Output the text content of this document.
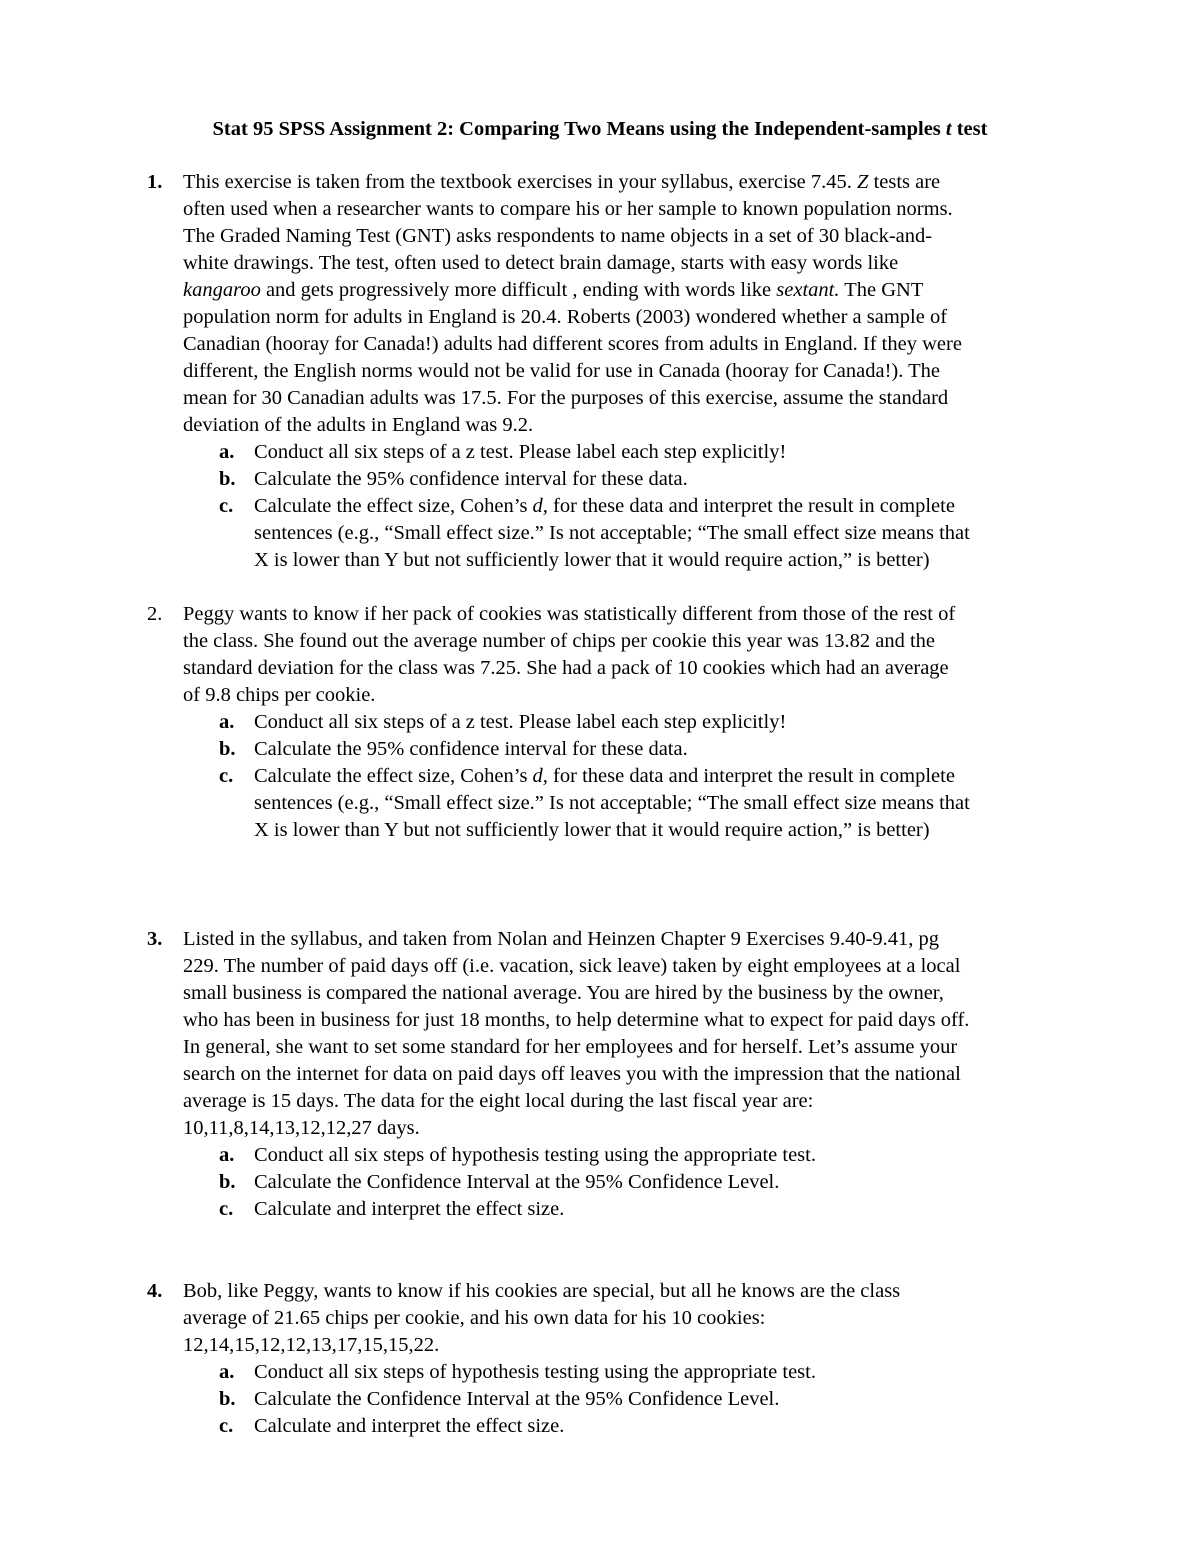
Stat 95 SPSS Assignment 2: Comparing Two Means using the Independent-samples t test
1. This exercise is taken from the textbook exercises in your syllabus, exercise 7.45. Z tests are
often used when a researcher wants to compare his or her sample to known population norms.
The Graded Naming Test (GNT) asks respondents to name objects in a set of 30 black-and-
white drawings. The test, often used to detect brain damage, starts with easy words like
kangaroo and gets progressively more difficult , ending with words like sextant. The GNT
population norm for adults in England is 20.4. Roberts (2003) wondered whether a sample of
Canadian (hooray for Canada!) adults had different scores from adults in England. If they were
different, the English norms would not be valid for use in Canada (hooray for Canada!). The
mean for 30 Canadian adults was 17.5. For the purposes of this exercise, assume the standard
deviation of the adults in England was 9.2.
a. Conduct all six steps of a z test. Please label each step explicitly!
b. Calculate the 95% confidence interval for these data.
c. Calculate the effect size, Cohen’s d, for these data and interpret the result in complete
sentences (e.g., “Small effect size.” Is not acceptable; “The small effect size means that
X is lower than Y but not sufficiently lower that it would require action,” is better)
2. Peggy wants to know if her pack of cookies was statistically different from those of the rest of
the class. She found out the average number of chips per cookie this year was 13.82 and the
standard deviation for the class was 7.25. She had a pack of 10 cookies which had an average
of 9.8 chips per cookie.
a. Conduct all six steps of a z test. Please label each step explicitly!
b. Calculate the 95% confidence interval for these data.
c. Calculate the effect size, Cohen’s d, for these data and interpret the result in complete
sentences (e.g., “Small effect size.” Is not acceptable; “The small effect size means that
X is lower than Y but not sufficiently lower that it would require action,” is better)
3. Listed in the syllabus, and taken from Nolan and Heinzen Chapter 9 Exercises 9.40-9.41, pg
229. The number of paid days off (i.e. vacation, sick leave) taken by eight employees at a local
small business is compared the national average. You are hired by the business by the owner,
who has been in business for just 18 months, to help determine what to expect for paid days off.
In general, she want to set some standard for her employees and for herself. Let’s assume your
search on the internet for data on paid days off leaves you with the impression that the national
average is 15 days. The data for the eight local during the last fiscal year are:
10,11,8,14,13,12,12,27 days.
a. Conduct all six steps of hypothesis testing using the appropriate test.
b. Calculate the Confidence Interval at the 95% Confidence Level.
c. Calculate and interpret the effect size.
4. Bob, like Peggy, wants to know if his cookies are special, but all he knows are the class
average of 21.65 chips per cookie, and his own data for his 10 cookies:
12,14,15,12,12,13,17,15,15,22.
a. Conduct all six steps of hypothesis testing using the appropriate test.
b. Calculate the Confidence Interval at the 95% Confidence Level.
c. Calculate and interpret the effect size.
